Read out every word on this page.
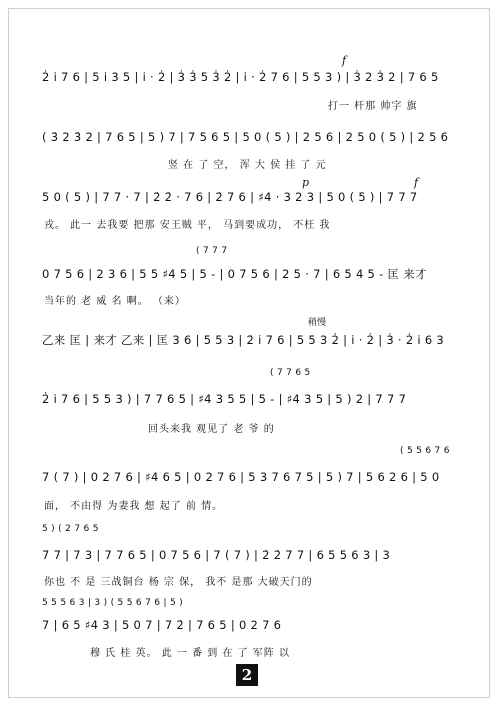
2̇ i̇ 7 6 | 5 i̇ 3 5 | i̇ · 2̇ | 3̇ 3̇ 5 3̇ 2̇ | i̇ · 2̇ 7 6 | 5 5 3 ) | 3̇ 2 3̇ 2 | 7 6 5
f
打一 杆那 帅字 旗
( 3̇ 2 3̇ 2 | 7 6 5 | 5 ) 7 | 7 5 6 5 | 5 0 ( 5 ) | 2 5 6 | 2 5 0 ( 5 ) | 2 5 6
竖 在 了 空， 浑 大 侯 挂 了 元
p	f
5 0 ( 5 ) | 7 7 · 7 | 2̇ 2̇ · 7 6 | 2̇ 7 6 | ♯4 · 3 2 3 | 5 0 ( 5 ) | 7 7 7
戎。 此一 去我要 把那 安王贼 平， 马到要成功， 不枉 我
( 7 7 7
0 7 5 6 | 2 3 6 | 5 5 ♯4 5 | 5 - | 0 7 5 6 | 2 5 · 7 | 6 5 4 5 - 匡 来才
当年的 老 威 名 啊。 （来）
稍慢
乙来 匡 | 来才 乙来 | 匡 3 6 | 5 5 3 | 2̇ i̇ 7 6 | 5 5 3 2̇ | i̇ · 2̇ | 3̇ · 2̇ i̇ 6 3
( 7 7 6 5
2̇ i̇ 7 6 | 5 5 3 ) | 7 7 6 5 | ♯4 3 5 5 | 5 - | ♯4 3 5 | 5 ) 2 | 7 7 7
回头来我 观见了 老 爷 的
( 5 5 6 7 6
7 ( 7 ) | 0 2 7 6 | ♯4 6 5 | 0 2 7 6 | 5 3 7 6 7 5 | 5 ) 7 | 5 6 2 6 | 5 0
面， 不由得 为妻我 想 起了 前 情。
5 ) ( 2 7 6 5
7 7 | 7 3 | 7 7 6 5 | 0 7 5 6 | 7 ( 7 ) | 2̇ 2̇ 7 7 | 6 5 5 6 3 | 3
你也 不 是 三战铜台 杨 宗 保， 我不 是那 大破天门的
5 5 5 6 3 | 3 ) ( 5 5 6 7 6 | 5 )
7 | 6 5 ♯4 3 | 5 0 7 | 7 2̇ | 7 6 5 | 0 2 7 6
穆 氏 桂 英。 此 一 番 到 在 了 军阵 以
2
